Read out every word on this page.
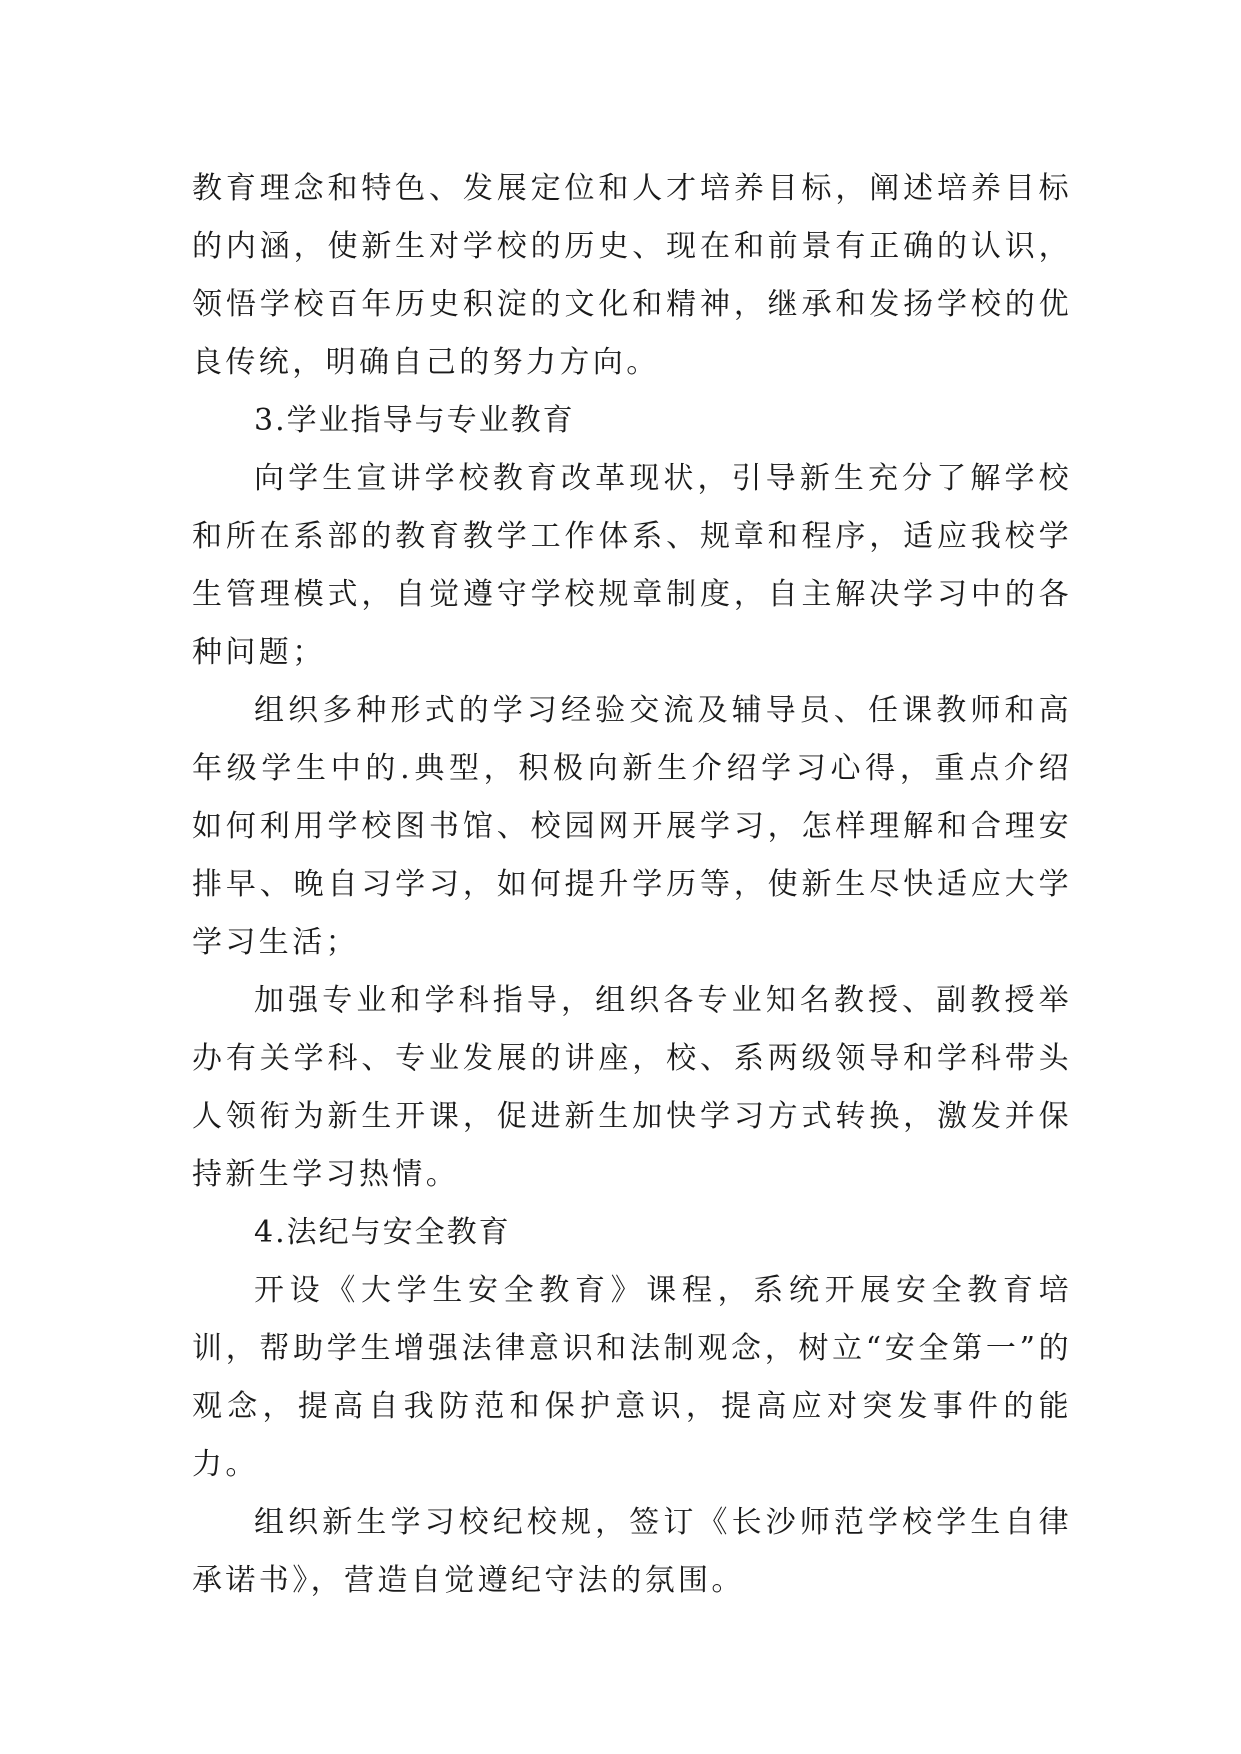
教育理念和特色、发展定位和人才培养目标，阐述培养目标的内涵，使新生对学校的历史、现在和前景有正确的认识，领悟学校百年历史积淀的文化和精神，继承和发扬学校的优良传统，明确自己的努力方向。

3.学业指导与专业教育

向学生宣讲学校教育改革现状，引导新生充分了解学校和所在系部的教育教学工作体系、规章和程序，适应我校学生管理模式，自觉遵守学校规章制度，自主解决学习中的各种问题；

组织多种形式的学习经验交流及辅导员、任课教师和高年级学生中的.典型，积极向新生介绍学习心得，重点介绍如何利用学校图书馆、校园网开展学习，怎样理解和合理安排早、晚自习学习，如何提升学历等，使新生尽快适应大学学习生活；

加强专业和学科指导，组织各专业知名教授、副教授举办有关学科、专业发展的讲座，校、系两级领导和学科带头人领衔为新生开课，促进新生加快学习方式转换，激发并保持新生学习热情。

4.法纪与安全教育

开设《大学生安全教育》课程，系统开展安全教育培训，帮助学生增强法律意识和法制观念，树立“安全第一”的观念，提高自我防范和保护意识，提高应对突发事件的能力。

组织新生学习校纪校规，签订《长沙师范学校学生自律承诺书》，营造自觉遵纪守法的氛围。
